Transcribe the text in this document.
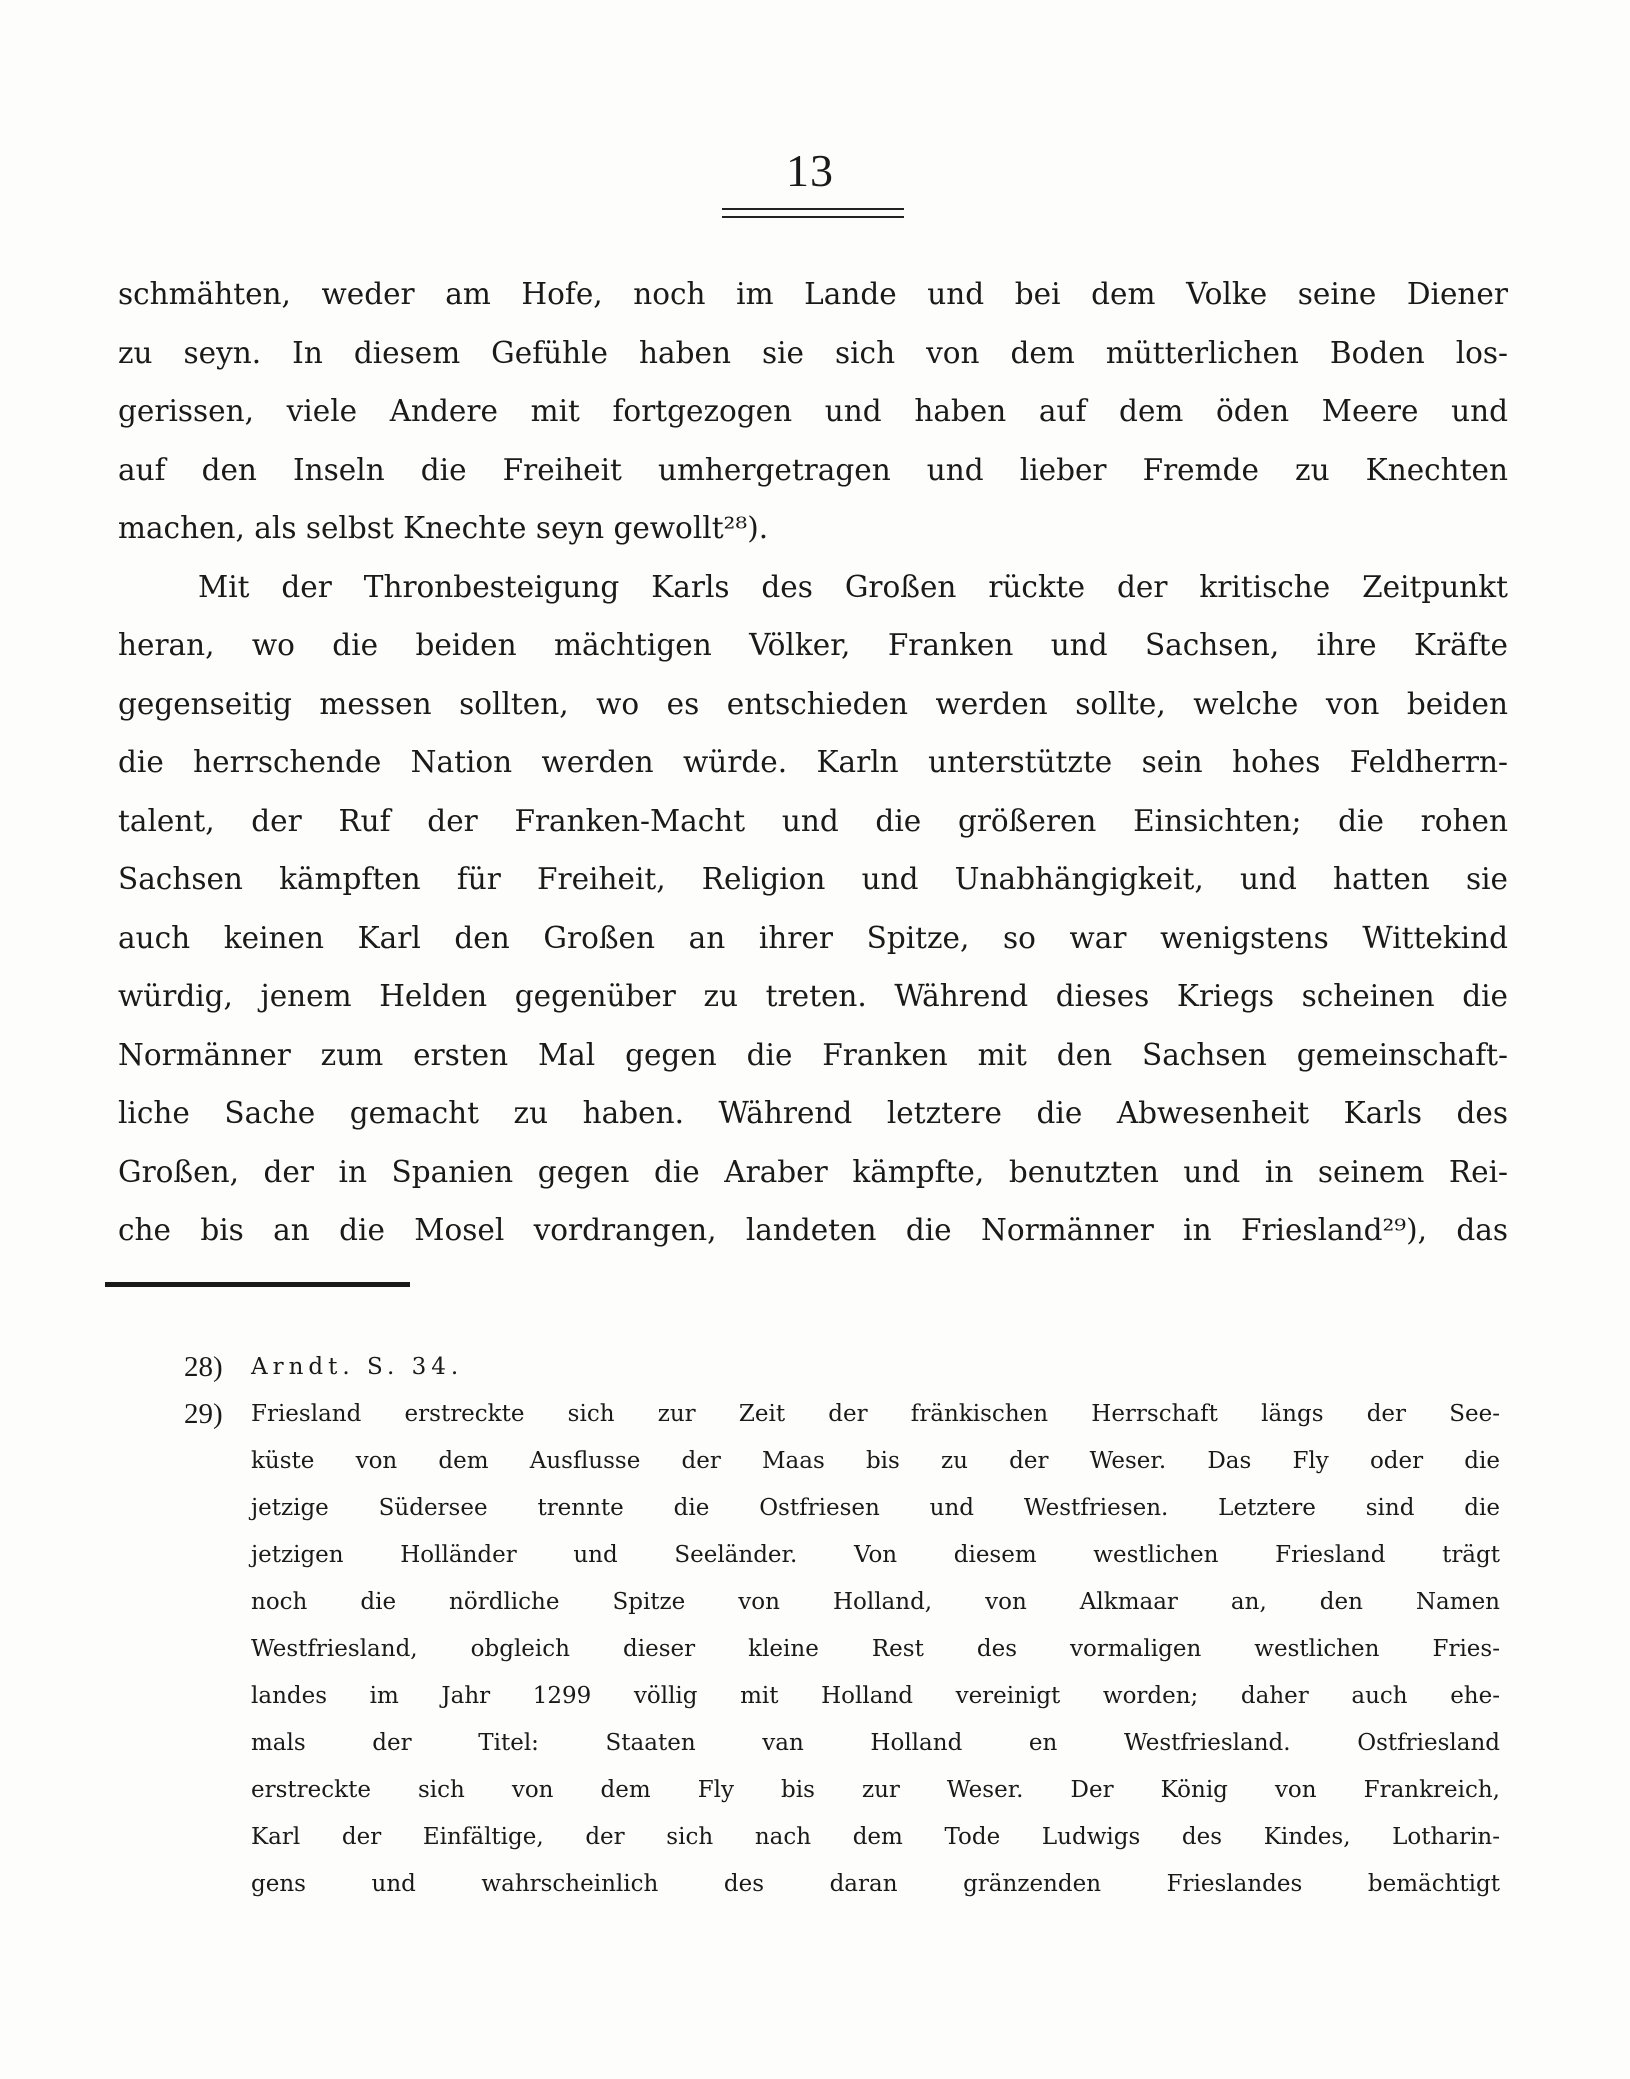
13
schmähten, weder am Hofe, noch im Lande und bei dem Volke seine Diener
zu seyn. In diesem Gefühle haben sie sich von dem mütterlichen Boden los-
gerissen, viele Andere mit fortgezogen und haben auf dem öden Meere und
auf den Inseln die Freiheit umhergetragen und lieber Fremde zu Knechten
machen, als selbst Knechte seyn gewollt²⁸).
Mit der Thronbesteigung Karls des Großen rückte der kritische Zeitpunkt
heran, wo die beiden mächtigen Völker, Franken und Sachsen, ihre Kräfte
gegenseitig messen sollten, wo es entschieden werden sollte, welche von beiden
die herrschende Nation werden würde. Karln unterstützte sein hohes Feldherrn-
talent, der Ruf der Franken-Macht und die größeren Einsichten; die rohen
Sachsen kämpften für Freiheit, Religion und Unabhängigkeit, und hatten sie
auch keinen Karl den Großen an ihrer Spitze, so war wenigstens Wittekind
würdig, jenem Helden gegenüber zu treten. Während dieses Kriegs scheinen die
Normänner zum ersten Mal gegen die Franken mit den Sachsen gemeinschaft-
liche Sache gemacht zu haben. Während letztere die Abwesenheit Karls des
Großen, der in Spanien gegen die Araber kämpfte, benutzten und in seinem Rei-
che bis an die Mosel vordrangen, landeten die Normänner in Friesland²⁹), das
28)	Arndt. S. 34.
29)	Friesland erstreckte sich zur Zeit der fränkischen Herrschaft längs der See-
küste von dem Ausflusse der Maas bis zu der Weser. Das Fly oder die
jetzige Südersee trennte die Ostfriesen und Westfriesen. Letztere sind die
jetzigen Holländer und Seeländer. Von diesem westlichen Friesland trägt
noch die nördliche Spitze von Holland, von Alkmaar an, den Namen
Westfriesland, obgleich dieser kleine Rest des vormaligen westlichen Fries-
landes im Jahr 1299 völlig mit Holland vereinigt worden; daher auch ehe-
mals der Titel: Staaten van Holland en Westfriesland. Ostfriesland
erstreckte sich von dem Fly bis zur Weser. Der König von Frankreich,
Karl der Einfältige, der sich nach dem Tode Ludwigs des Kindes, Lotharin-
gens und wahrscheinlich des daran gränzenden Frieslandes bemächtigt
